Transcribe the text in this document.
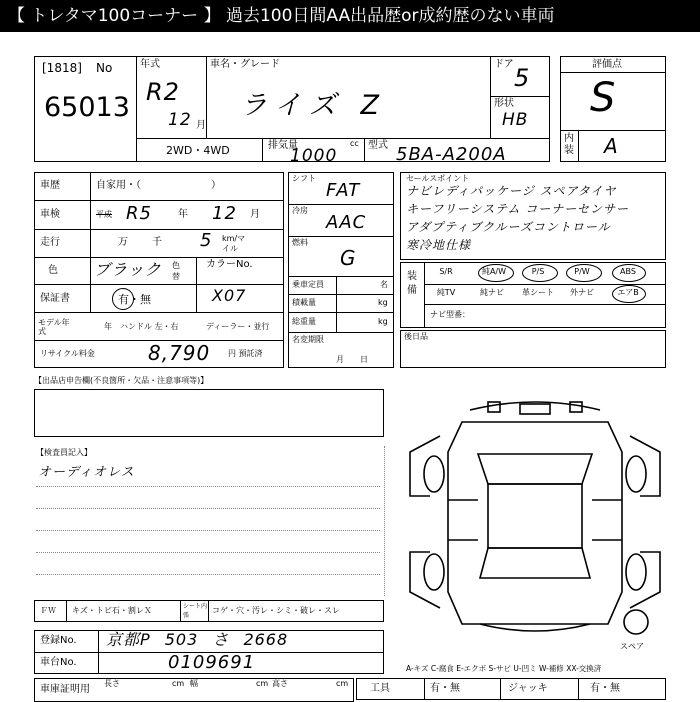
【 トレタマ100コーナー 】 過去100日間AA出品歴or成約歴のない車両
[1818] No
65013
年式
R2
12 月
車名・グレード
ライズ Z
ドア 5
形状
HB
2WD・4WD	排気量
1000
cc 型式 5BA-A200A
評価点
S
内装 A
車歴	自家用・（　　　　　　　）
車検	平成 R5	年 12 月
走行	万 千 5 km/マイル
色 ブラック 色替
カラーNo.
保証書	有・無	X07
モデル年式
年 ハンドル 左・右	ディーラー・並行
リサイクル料金	8,790 円 預託済
シフト
FAT
冷房
AAC
燃料
G
乗車定員	名
積載量	kg
総重量	kg
名変期限
月　　日
セールスポイント
ナビレディパッケージ スペアタイヤ
キーフリーシステム コーナーセンサー
アダプティブクルーズコントロール
寒冷地仕様
装備
S/R	純A/W	P/S	P/W	ABS
純TV	純ナビ	革シート	外ナビ	エアB
ナビ型番：
後日品
【出品店申告欄(不良箇所・欠品・注意事項等)】
【検査員記入】
オーディオレス
ＦＷ キズ・トビ石・割レＸ	シート内張
コゲ・穴・汚レ・シミ・破レ・スレ
登録No. 京都P 503 さ 2668
車台No.	0109691
車庫証明用
長さ	cm 幅	cm 高さ	cm
スペア
A-キズ C-腐食 E-エクボ S-サビ U-凹ミ W-補修 XX-交換済
工具	有・無	ジャッキ	有・無
